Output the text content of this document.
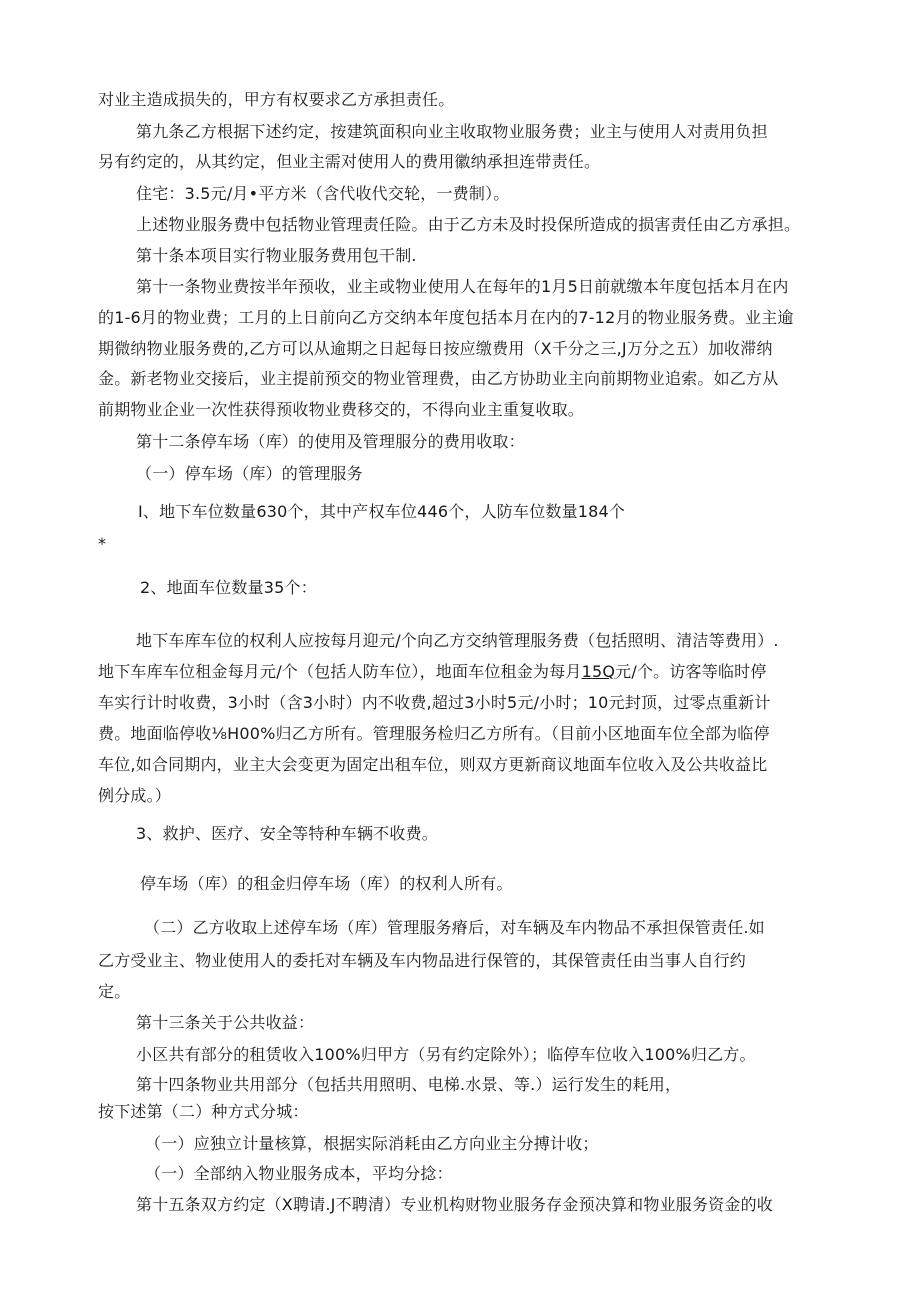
对业主造成损失的，甲方有权要求乙方承担责任。
第九条乙方根据下述约定，按建筑面积向业主收取物业服务费；业主与使用人对责用负担
另有约定的，从其约定，但业主需对使用人的费用徽纳承担连带责任。
住宅：3.5元/月•平方米（含代收代交轮，一费制）。
上述物业服务费中包括物业管理责任险。由于乙方未及时投保所造成的损害责任由乙方承担。
第十条本项目实行物业服务费用包干制.
第十一条物业费按半年预收，业主或物业使用人在每年的1月5日前就缴本年度包括本月在内
的1-6月的物业费；工月的上日前向乙方交纳本年度包括本月在内的7-12月的物业服务费。业主逾
期微纳物业服务费的,乙方可以从逾期之日起每日按应缴费用（X千分之三,J万分之五）加收滞纳
金。新老物业交接后，业主提前预交的物业管理费，由乙方协助业主向前期物业追索。如乙方从
前期物业企业一次性获得预收物业费移交的，不得向业主重复收取。
第十二条停车场（库）的使用及管理服分的费用收取：
（一）停车场（库）的管理服务
I、地下车位数量630个，其中产权车位446个，人防车位数量184个
*
2、地面车位数量35个：
地下车库车位的权利人应按每月迎元/个向乙方交纳管理服务费（包括照明、清洁等费用）.
地下车库车位租金每月元/个（包括人防车位），地面车位租金为每月15Q元/个。访客等临时停
车实行计时收费，3小时（含3小时）内不收费,超过3小时5元/小时；10元封顶，过零点重新计
费。地面临停收⅛H00%归乙方所有。管理服务检归乙方所有。（目前小区地面车位全部为临停
车位,如合同期内，业主大会变更为固定出租车位，则双方更新商议地面车位收入及公共收益比
例分成。）
3、救护、医疗、安全等特种车辆不收费。
停车场（库）的租金归停车场（库）的权利人所有。
（二）乙方收取上述停车场（库）管理服务瘠后，对车辆及车内物品不承担保管责任.如
乙方受业主、物业使用人的委托对车辆及车内物品进行保管的，其保管责任由当事人自行约
定。
第十三条关于公共收益：
小区共有部分的租赁收入100%归甲方（另有约定除外）；临停车位收入100%归乙方。
第十四条物业共用部分（包括共用照明、电梯.水景、等.）运行发生的耗用，
按下述第（二）种方式分城：
（一）应独立计量核算，根据实际消耗由乙方向业主分搏计收；
（一）全部纳入物业服务成本，平均分捻：
第十五条双方约定（X聘请.J不聘清）专业机构财物业服务存金预决算和物业服务资金的收
